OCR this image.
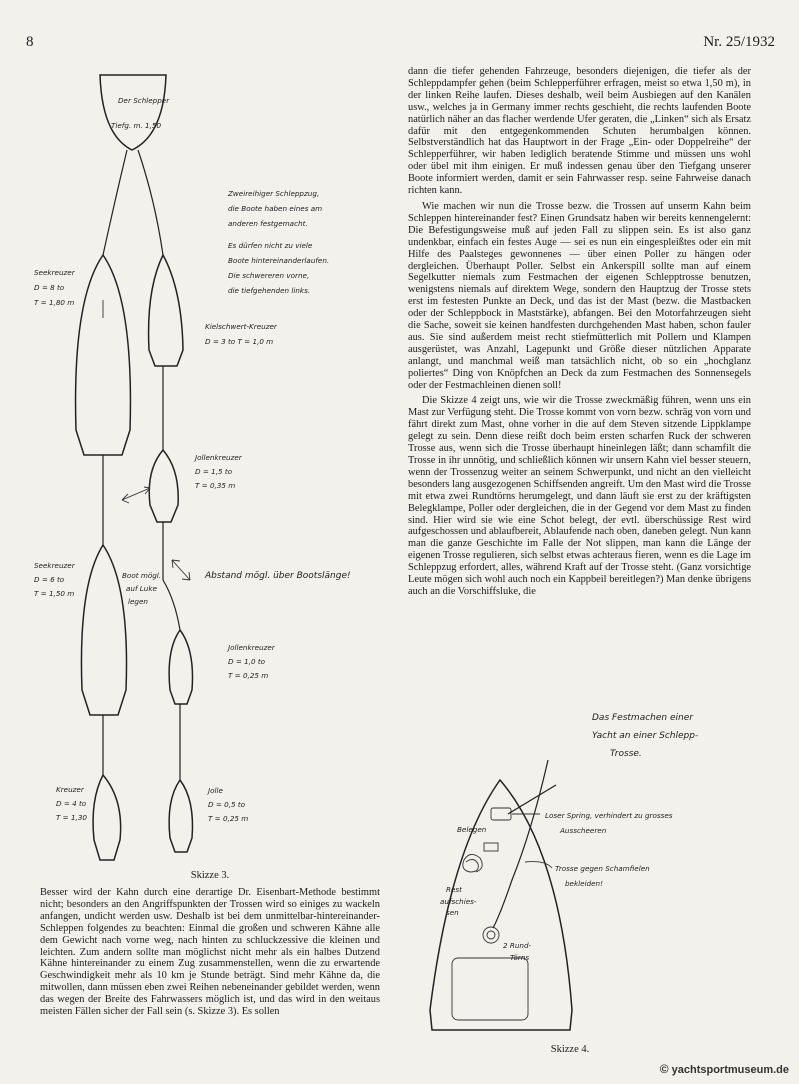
8	Nr. 25/1932
Der Schlepper
Tiefg. m. 1,50
Seekreuzer
D = 8 to
T = 1,80 m
Kielschwert-Kreuzer
D = 3 to T = 1,0 m
Jollenkreuzer
D = 1,5 to
T = 0,35 m
Seekreuzer
D = 6 to
T = 1,50 m
Boot mögl.
auf Luke
legen
Abstand mögl. über Bootslänge!
Jollenkreuzer
D = 1,0 to
T = 0,25 m
Kreuzer
D = 4 to
T = 1,30
Jolle
D = 0,5 to
T = 0,25 m
Zweireihiger Schleppzug,
die Boote haben eines am
anderen festgemacht.
Es dürfen nicht zu viele
Boote hintereinanderlaufen.
Die schwereren vorne,
die tiefgehenden links.
Das Festmachen einer
Yacht an einer Schlepp-
Trosse.
Loser Spring, verhindert zu grosses
Ausscheeren
Trosse gegen Schamfielen
bekleiden!
Belegen
Rest
aufschies-
sen
2 Rund-
Törns
Skizze 3.
Skizze 4.

dann die tiefer gehenden Fahrzeuge, besonders diejenigen, die tiefer als der Schleppdampfer gehen (beim Schlepperführer erfragen, meist so etwa 1,50 m), in der linken Reihe laufen. Dieses deshalb, weil beim Ausbiegen auf den Kanälen usw., welches ja in Germany immer rechts geschieht, die rechts laufenden Boote natürlich näher an das flacher werdende Ufer geraten, die „Linken“ sich als Ersatz dafür mit den entgegenkommenden Schuten herumbalgen können. Selbstverständlich hat das Hauptwort in der Frage „Ein- oder Doppelreihe“ der Schlepperführer, wir haben lediglich beratende Stimme und müssen uns wohl oder übel mit ihm einigen. Er muß indessen genau über den Tiefgang unserer Boote informiert werden, damit er sein Fahrwasser resp. seine Fahrweise danach richten kann.

Wie machen wir nun die Trosse bezw. die Trossen auf unserm Kahn beim Schleppen hintereinander fest? Einen Grundsatz haben wir bereits kennengelernt: Die Befestigungsweise muß auf jeden Fall zu slippen sein. Es ist also ganz undenkbar, einfach ein festes Auge — sei es nun ein eingespleißtes oder ein mit Hilfe des Paalsteges gewonnenes — über einen Poller zu hängen oder dergleichen. Überhaupt Poller. Selbst ein Ankerspill sollte man auf einem Segelkutter niemals zum Festmachen der eigenen Schlepptrosse benutzen, wenigstens niemals auf direktem Wege, sondern den Hauptzug der Trosse stets erst im festesten Punkte an Deck, und das ist der Mast (bezw. die Mastbacken oder der Schleppbock in Maststärke), abfangen. Bei den Motorfahrzeugen sieht die Sache, soweit sie keinen handfesten durchgehenden Mast haben, schon fauler aus. Sie sind außerdem meist recht stiefmütterlich mit Pollern und Klampen ausgerüstet, was Anzahl, Lagepunkt und Größe dieser nützlichen Apparate anlangt, und manchmal weiß man tatsächlich nicht, ob so ein „hochglanz poliertes“ Ding von Knöpfchen an Deck da zum Festmachen des Sonnensegels oder der Festmachleinen dienen soll!

Die Skizze 4 zeigt uns, wie wir die Trosse zweckmäßig führen, wenn uns ein Mast zur Verfügung steht. Die Trosse kommt von vorn bezw. schräg von vorn und fährt direkt zum Mast, ohne vorher in die auf dem Steven sitzende Lippklampe gelegt zu sein. Denn diese reißt doch beim ersten scharfen Ruck der schweren Trosse aus, wenn sich die Trosse überhaupt hineinlegen läßt; dann schamfilt die Trosse in ihr unnötig, und schließlich können wir unsern Kahn viel besser steuern, wenn der Trossenzug weiter an seinem Schwerpunkt, und nicht an den vielleicht besonders lang ausgezogenen Schiffsenden angreift. Um den Mast wird die Trosse mit etwa zwei Rundtörns herumgelegt, und dann läuft sie erst zu der kräftigsten Belegklampe, Poller oder dergleichen, die in der Gegend vor dem Mast zu finden sind. Hier wird sie wie eine Schot belegt, der evtl. überschüssige Rest wird aufgeschossen und ablaufbereit, Ablaufende nach oben, daneben gelegt. Nun kann man die ganze Geschichte im Falle der Not slippen, man kann die Länge der eigenen Trosse regulieren, sich selbst etwas achteraus fieren, wenn es die Lage im Schleppzug erfordert, alles, während Kraft auf der Trosse steht. (Ganz vorsichtige Leute mögen sich wohl auch noch ein Kappbeil bereitlegen?) Man denke übrigens auch an die Vorschiffsluke, die

Besser wird der Kahn durch eine derartige Dr. Eisenbart-Methode bestimmt nicht; besonders an den Angriffspunkten der Trossen wird so einiges zu wackeln anfangen, undicht werden usw. Deshalb ist bei dem unmittelbar-hintereinander-Schleppen folgendes zu beachten: Einmal die großen und schweren Kähne alle dem Gewicht nach vorne weg, nach hinten zu schluckzessive die kleinen und leichten. Zum andern sollte man möglichst nicht mehr als ein halbes Dutzend Kähne hintereinander zu einem Zug zusammenstellen, wenn die zu erwartende Geschwindigkeit mehr als 10 km je Stunde beträgt. Sind mehr Kähne da, die mitwollen, dann müssen eben zwei Reihen nebeneinander gebildet werden, wenn das wegen der Breite des Fahrwassers möglich ist, und das wird in den weitaus meisten Fällen sicher der Fall sein (s. Skizze 3). Es sollen

© yachtsportmuseum.de
